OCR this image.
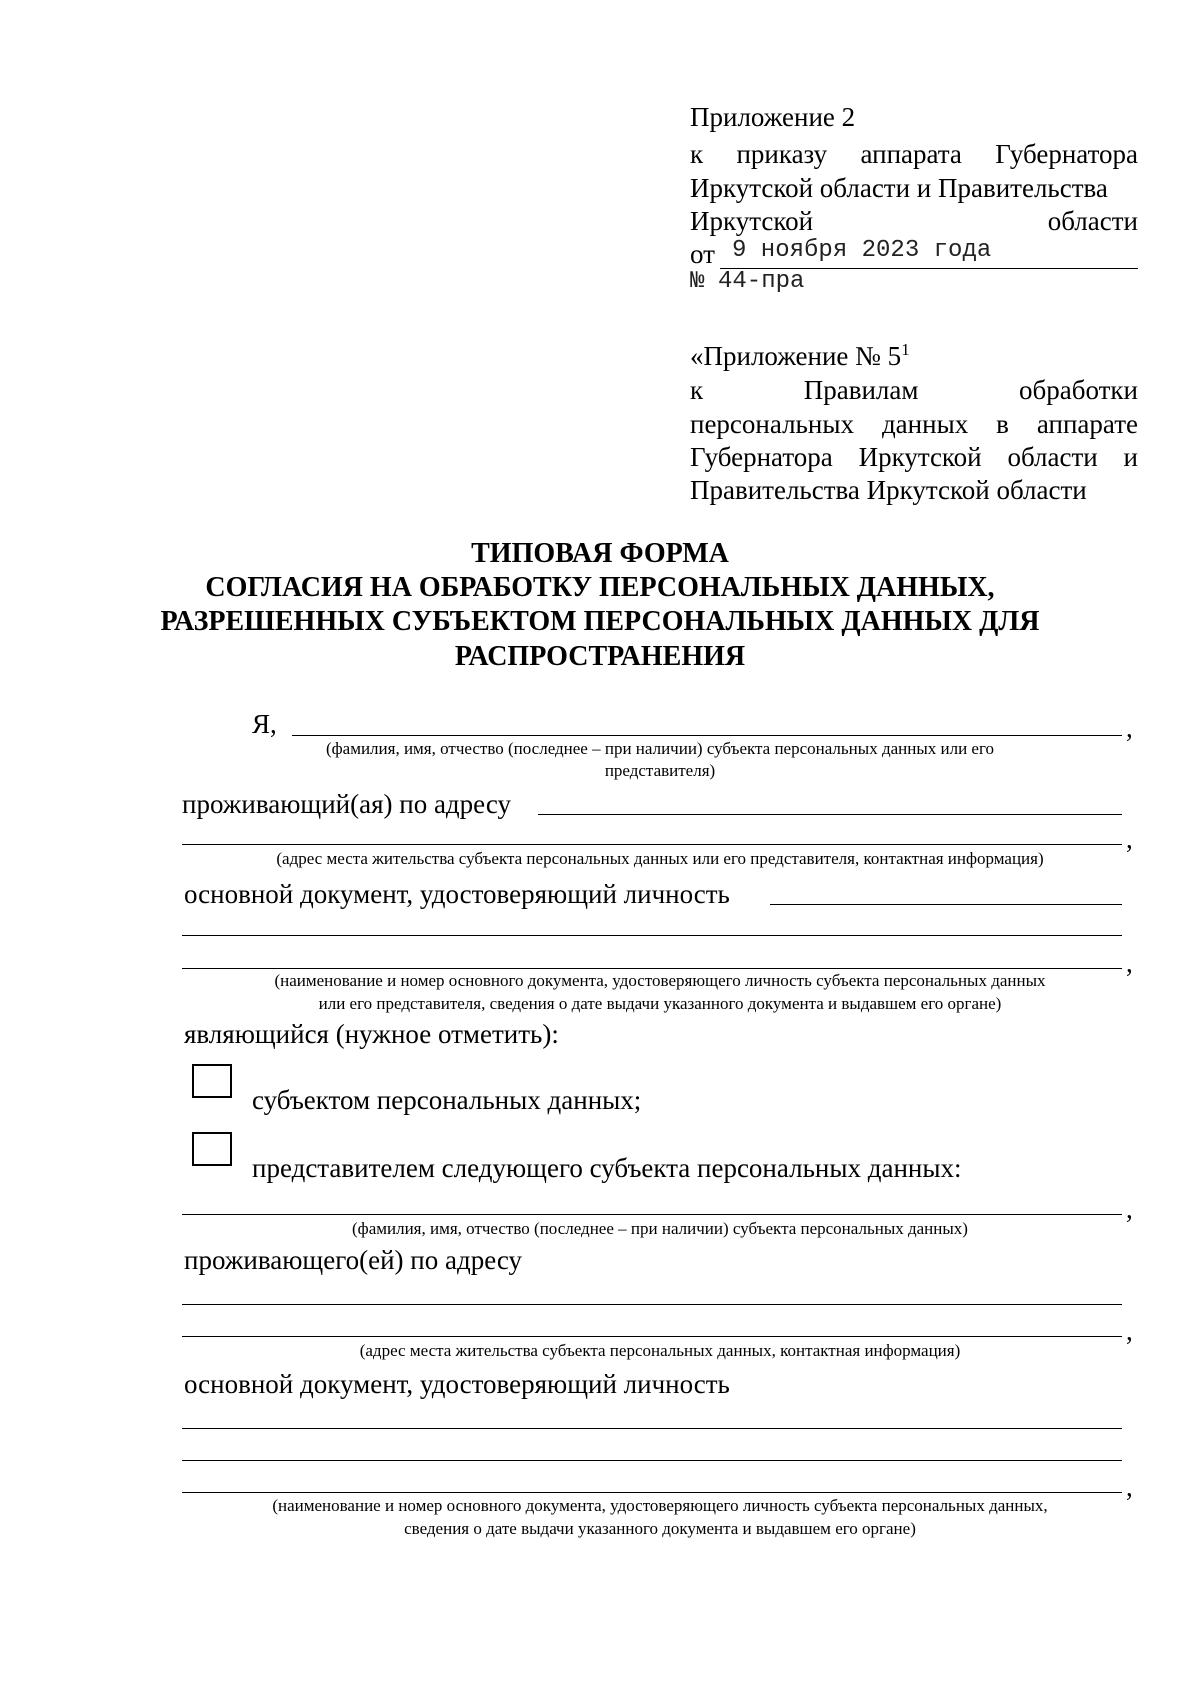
Приложение 2
к приказу аппарата Губернатора
Иркутской области и Правительства
Иркутской области
от 9 ноября 2023 года
№ 44-пра
«Приложение № $5^1$
к Правилам обработки
персональных данных в аппарате
Губернатора Иркутской области и
Правительства Иркутской области
ТИПОВАЯ ФОРМА
СОГЛАСИЯ НА ОБРАБОТКУ ПЕРСОНАЛЬНЫХ ДАННЫХ,
РАЗРЕШЕННЫХ СУБЪЕКТОМ ПЕРСОНАЛЬНЫХ ДАННЫХ ДЛЯ
РАСПРОСТРАНЕНИЯ
Я,	,
(фамилия, имя, отчество (последнее – при наличии) субъекта персональных данных или его
представителя)
проживающий(ая) по адресу
,
(адрес места жительства субъекта персональных данных или его представителя, контактная информация)
основной документ, удостоверяющий личность
,
(наименование и номер основного документа, удостоверяющего личность субъекта персональных данных
или его представителя, сведения о дате выдачи указанного документа и выдавшем его органе)
являющийся (нужное отметить):
субъектом персональных данных;
представителем следующего субъекта персональных данных:
,
(фамилия, имя, отчество (последнее – при наличии) субъекта персональных данных)
проживающего(ей) по адресу
,
(адрес места жительства субъекта персональных данных, контактная информация)
основной документ, удостоверяющий личность
,
(наименование и номер основного документа, удостоверяющего личность субъекта персональных данных,
сведения о дате выдачи указанного документа и выдавшем его органе)
